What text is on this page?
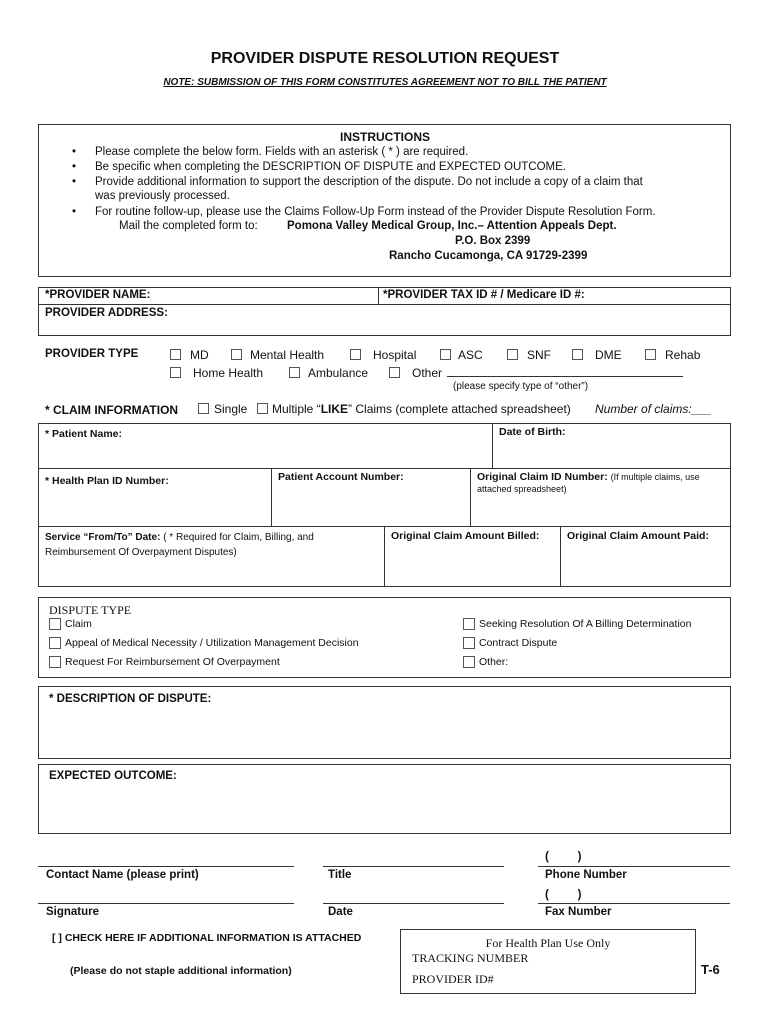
PROVIDER DISPUTE RESOLUTION REQUEST
NOTE: SUBMISSION OF THIS FORM CONSTITUTES AGREEMENT NOT TO BILL THE PATIENT
INSTRUCTIONS
• Please complete the below form. Fields with an asterisk ( * ) are required.
• Be specific when completing the DESCRIPTION OF DISPUTE and EXPECTED OUTCOME.
• Provide additional information to support the description of the dispute. Do not include a copy of a claim that
was previously processed.
• For routine follow-up, please use the Claims Follow-Up Form instead of the Provider Dispute Resolution Form.
Mail the completed form to:	Pomona Valley Medical Group, Inc.– Attention Appeals Dept.
P.O. Box 2399
Rancho Cucamonga, CA 91729-2399
*PROVIDER NAME:	*PROVIDER TAX ID # / Medicare ID #:
PROVIDER ADDRESS:
PROVIDER TYPE	MD	Mental Health	Hospital	ASC	SNF	DME	Rehab
Home Health	Ambulance	Other
(please specify type of “other”)
* CLAIM INFORMATION	Single Multiple “LIKE” Claims (complete attached spreadsheet) Number of claims:___
* Patient Name:	Date of Birth:
* Health Plan ID Number:	Patient Account Number:	Original Claim ID Number: (If multiple claims, use
attached spreadsheet)
Service “From/To” Date: ( * Required for Claim, Billing, and
Reimbursement Of Overpayment Disputes)
Original Claim Amount Billed:	Original Claim Amount Paid:
DISPUTE TYPE
Claim
Appeal of Medical Necessity / Utilization Management Decision
Request For Reimbursement Of Overpayment
Seeking Resolution Of A Billing Determination
Contract Dispute
Other:
* DESCRIPTION OF DISPUTE:
EXPECTED OUTCOME:
(         )
Contact Name (please print)	Title	Phone Number
(         )
Signature	Date	Fax Number
[ ] CHECK HERE IF ADDITIONAL INFORMATION IS ATTACHED
(Please do not staple additional information)
For Health Plan Use Only
TRACKING NUMBER
PROVIDER ID#
T-6
